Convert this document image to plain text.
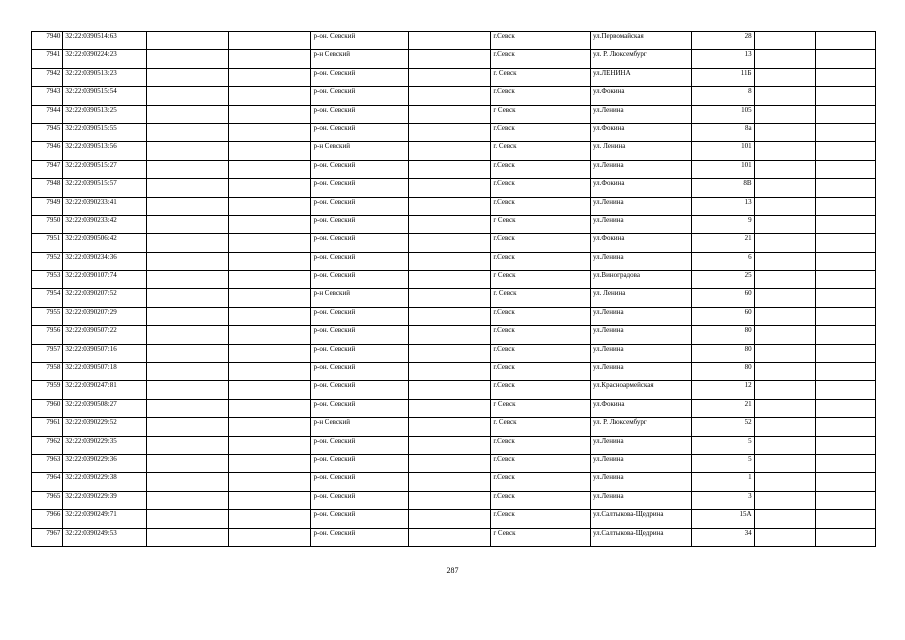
7940	32:22:0390514:63			р-он. Севский		г.Севск	ул.Первомайская	28		
7941	32:22:0390224:23			р-н Севский		г.Севск	ул. Р. Люксембург	13		
7942	32:22:0390513:23			р-он. Севский		г. Севск	ул.ЛЕНИНА	11Б		
7943	32:22:0390515:54			р-он. Севский		г.Севск	ул.Фокина	8		
7944	32:22:0390513:25			р-он. Севский		г Севск	ул.Ленина	105		
7945	32:22:0390515:55			р-он. Севский		г.Севск	ул.Фокина	8а		
7946	32:22:0390513:56			р-н Севский		г. Севск	ул. Ленина	101		
7947	32:22:0390515:27			р-он. Севский		г.Севск	ул.Ленина	101		
7948	32:22:0390515:57			р-он. Севский		г.Севск	ул.Фокина	8В		
7949	32:22:0390233:41			р-он. Севский		г.Севск	ул.Ленина	13		
7950	32:22:0390233:42			р-он. Севский		г Севск	ул.Ленина	9		
7951	32:22:0390506:42			р-он. Севский		г.Севск	ул.Фокина	21		
7952	32:22:0390234:36			р-он. Севский		г.Севск	ул.Ленина	6		
7953	32:22:0390107:74			р-он. Севский		г Севск	ул.Виноградова	25		
7954	32:22:0390207:52			р-н Севский		г. Севск	ул. Ленина	60		
7955	32:22:0390207:29			р-он. Севский		г.Севск	ул.Ленина	60		
7956	32:22:0390507:22			р-он. Севский		г.Севск	ул.Ленина	80		
7957	32:22:0390507:16			р-он. Севский		г.Севск	ул.Ленина	80		
7958	32:22:0390507:18			р-он. Севский		г.Севск	ул.Ленина	80		
7959	32:22:0390247:81			р-он. Севский		г.Севск	ул.Красноармейская	12		
7960	32:22:0390508:27			р-он. Севский		г Севск	ул.Фокина	21		
7961	32:22:0390229:52			р-н Севский		г. Севск	ул. Р. Люксембург	52		
7962	32:22:0390229:35			р-он. Севский		г.Севск	ул.Ленина	5		
7963	32:22:0390229:36			р-он. Севский		г.Севск	ул.Ленина	5		
7964	32:22:0390229:38			р-он. Севский		г.Севск	ул.Ленина	1		
7965	32:22:0390229:39			р-он. Севский		г.Севск	ул.Ленина	3		
7966	32:22:0390249:71			р-он. Севский		г.Севск	ул.Салтыкова-Щедрина	15А		
7967	32:22:0390249:53			р-он. Севский		г Севск	ул.Салтыкова-Щедрина	34		
287
